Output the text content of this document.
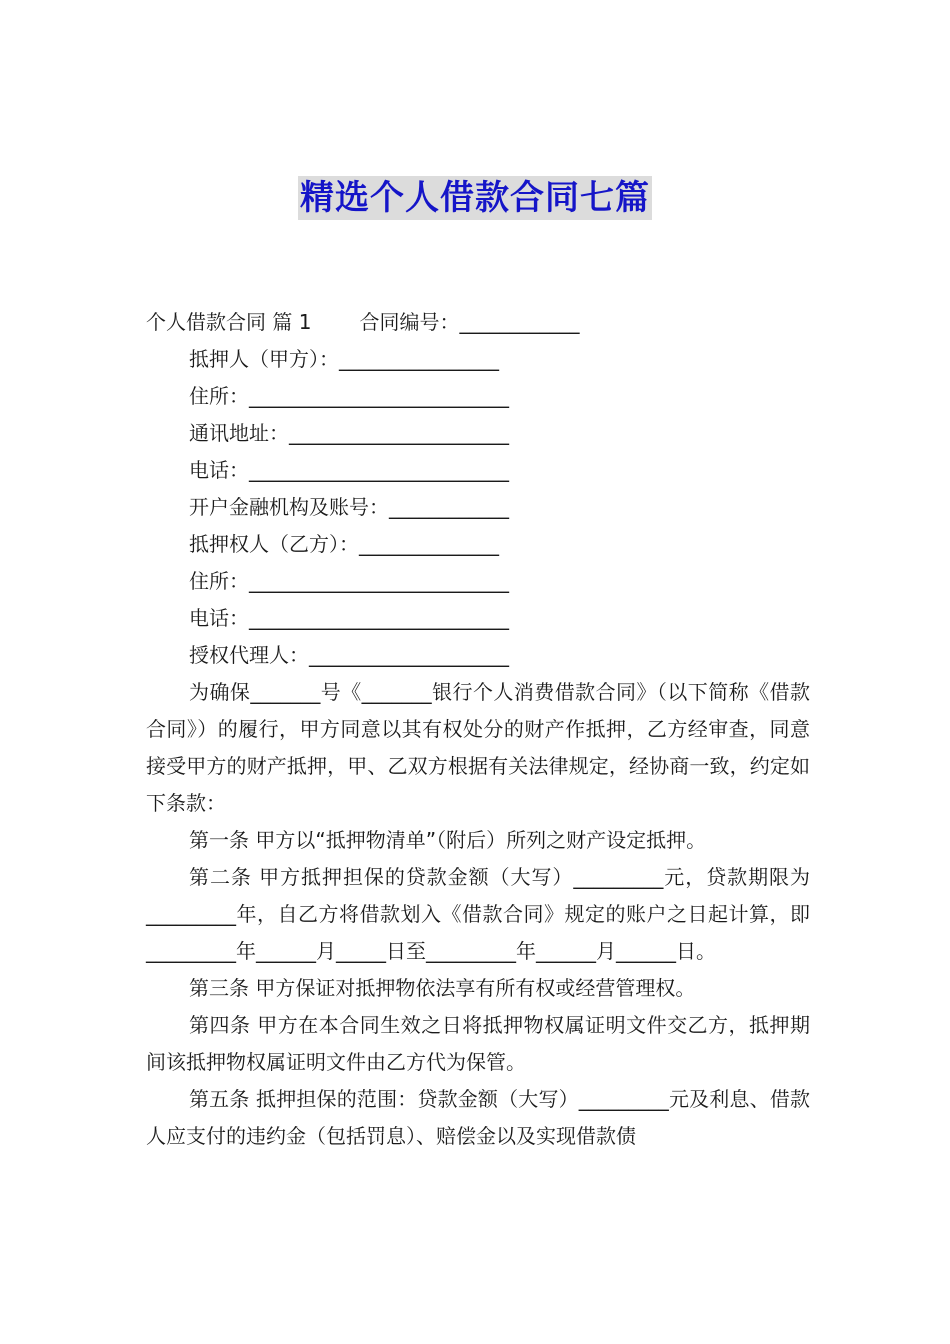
精选个人借款合同七篇
个人借款合同 篇 1 合同编号：____________
抵押人（甲方）：________________
住所：__________________________
通讯地址：______________________
电话：__________________________
开户金融机构及账号：____________
抵押权人（乙方）：______________
住所：__________________________
电话：__________________________
授权代理人：____________________
为确保_______号《_______银行个人消费借款合同》（以下简称《借款合同》）的履行，甲方同意以其有权处分的财产作抵押，乙方经审查，同意接受甲方的财产抵押，甲、乙双方根据有关法律规定，经协商一致，约定如下条款：
第一条 甲方以“抵押物清单”（附后）所列之财产设定抵押。
第二条 甲方抵押担保的贷款金额（大写）_________元，贷款期限为_________年，自乙方将借款划入《借款合同》规定的账户之日起计算，即_________年______月_____日至_________年______月______日。
第三条 甲方保证对抵押物依法享有所有权或经营管理权。
第四条 甲方在本合同生效之日将抵押物权属证明文件交乙方，抵押期间该抵押物权属证明文件由乙方代为保管。
第五条 抵押担保的范围：贷款金额（大写）_________元及利息、借款人应支付的违约金（包括罚息）、赔偿金以及实现借款债
